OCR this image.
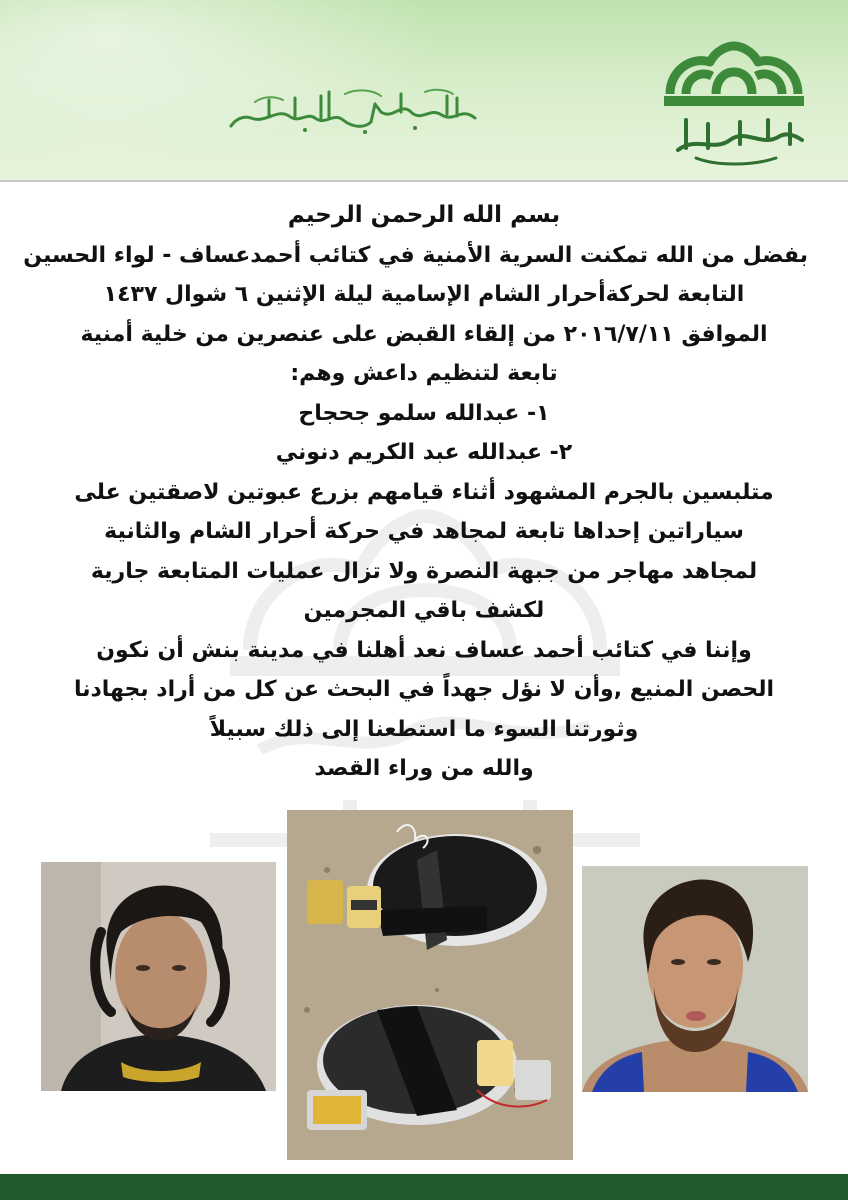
بسم الله الرحمن الرحيم
بفضل من الله تمكنت السرية الأمنية في كتائب أحمدعساف - لواء الحسين
التابعة لحركةأحرار الشام الإسامية ليلة الإثنين ٦ شوال ١٤٣٧
الموافق ٢٠١٦/٧/١١ من إلقاء القبض على عنصرين من خلية أمنية
تابعة لتنظيم داعش وهم:
١- عبدالله سلمو جحجاح
٢- عبدالله عبد الكريم دنوني
متلبسين بالجرم المشهود أثناء قيامهم بزرع عبوتين لاصقتين على
سياراتين إحداها تابعة لمجاهد في حركة أحرار الشام والثانية
لمجاهد مهاجر من جبهة النصرة ولا تزال عمليات المتابعة جارية
لكشف باقي المجرمين
وإننا في كتائب أحمد عساف نعد أهلنا في مدينة بنش أن نكون
الحصن المنيع ,وأن لا نؤل جهداً في البحث عن كل من أراد بجهادنا
وثورتنا السوء ما استطعنا إلى ذلك سبيلاً
والله من وراء القصد
